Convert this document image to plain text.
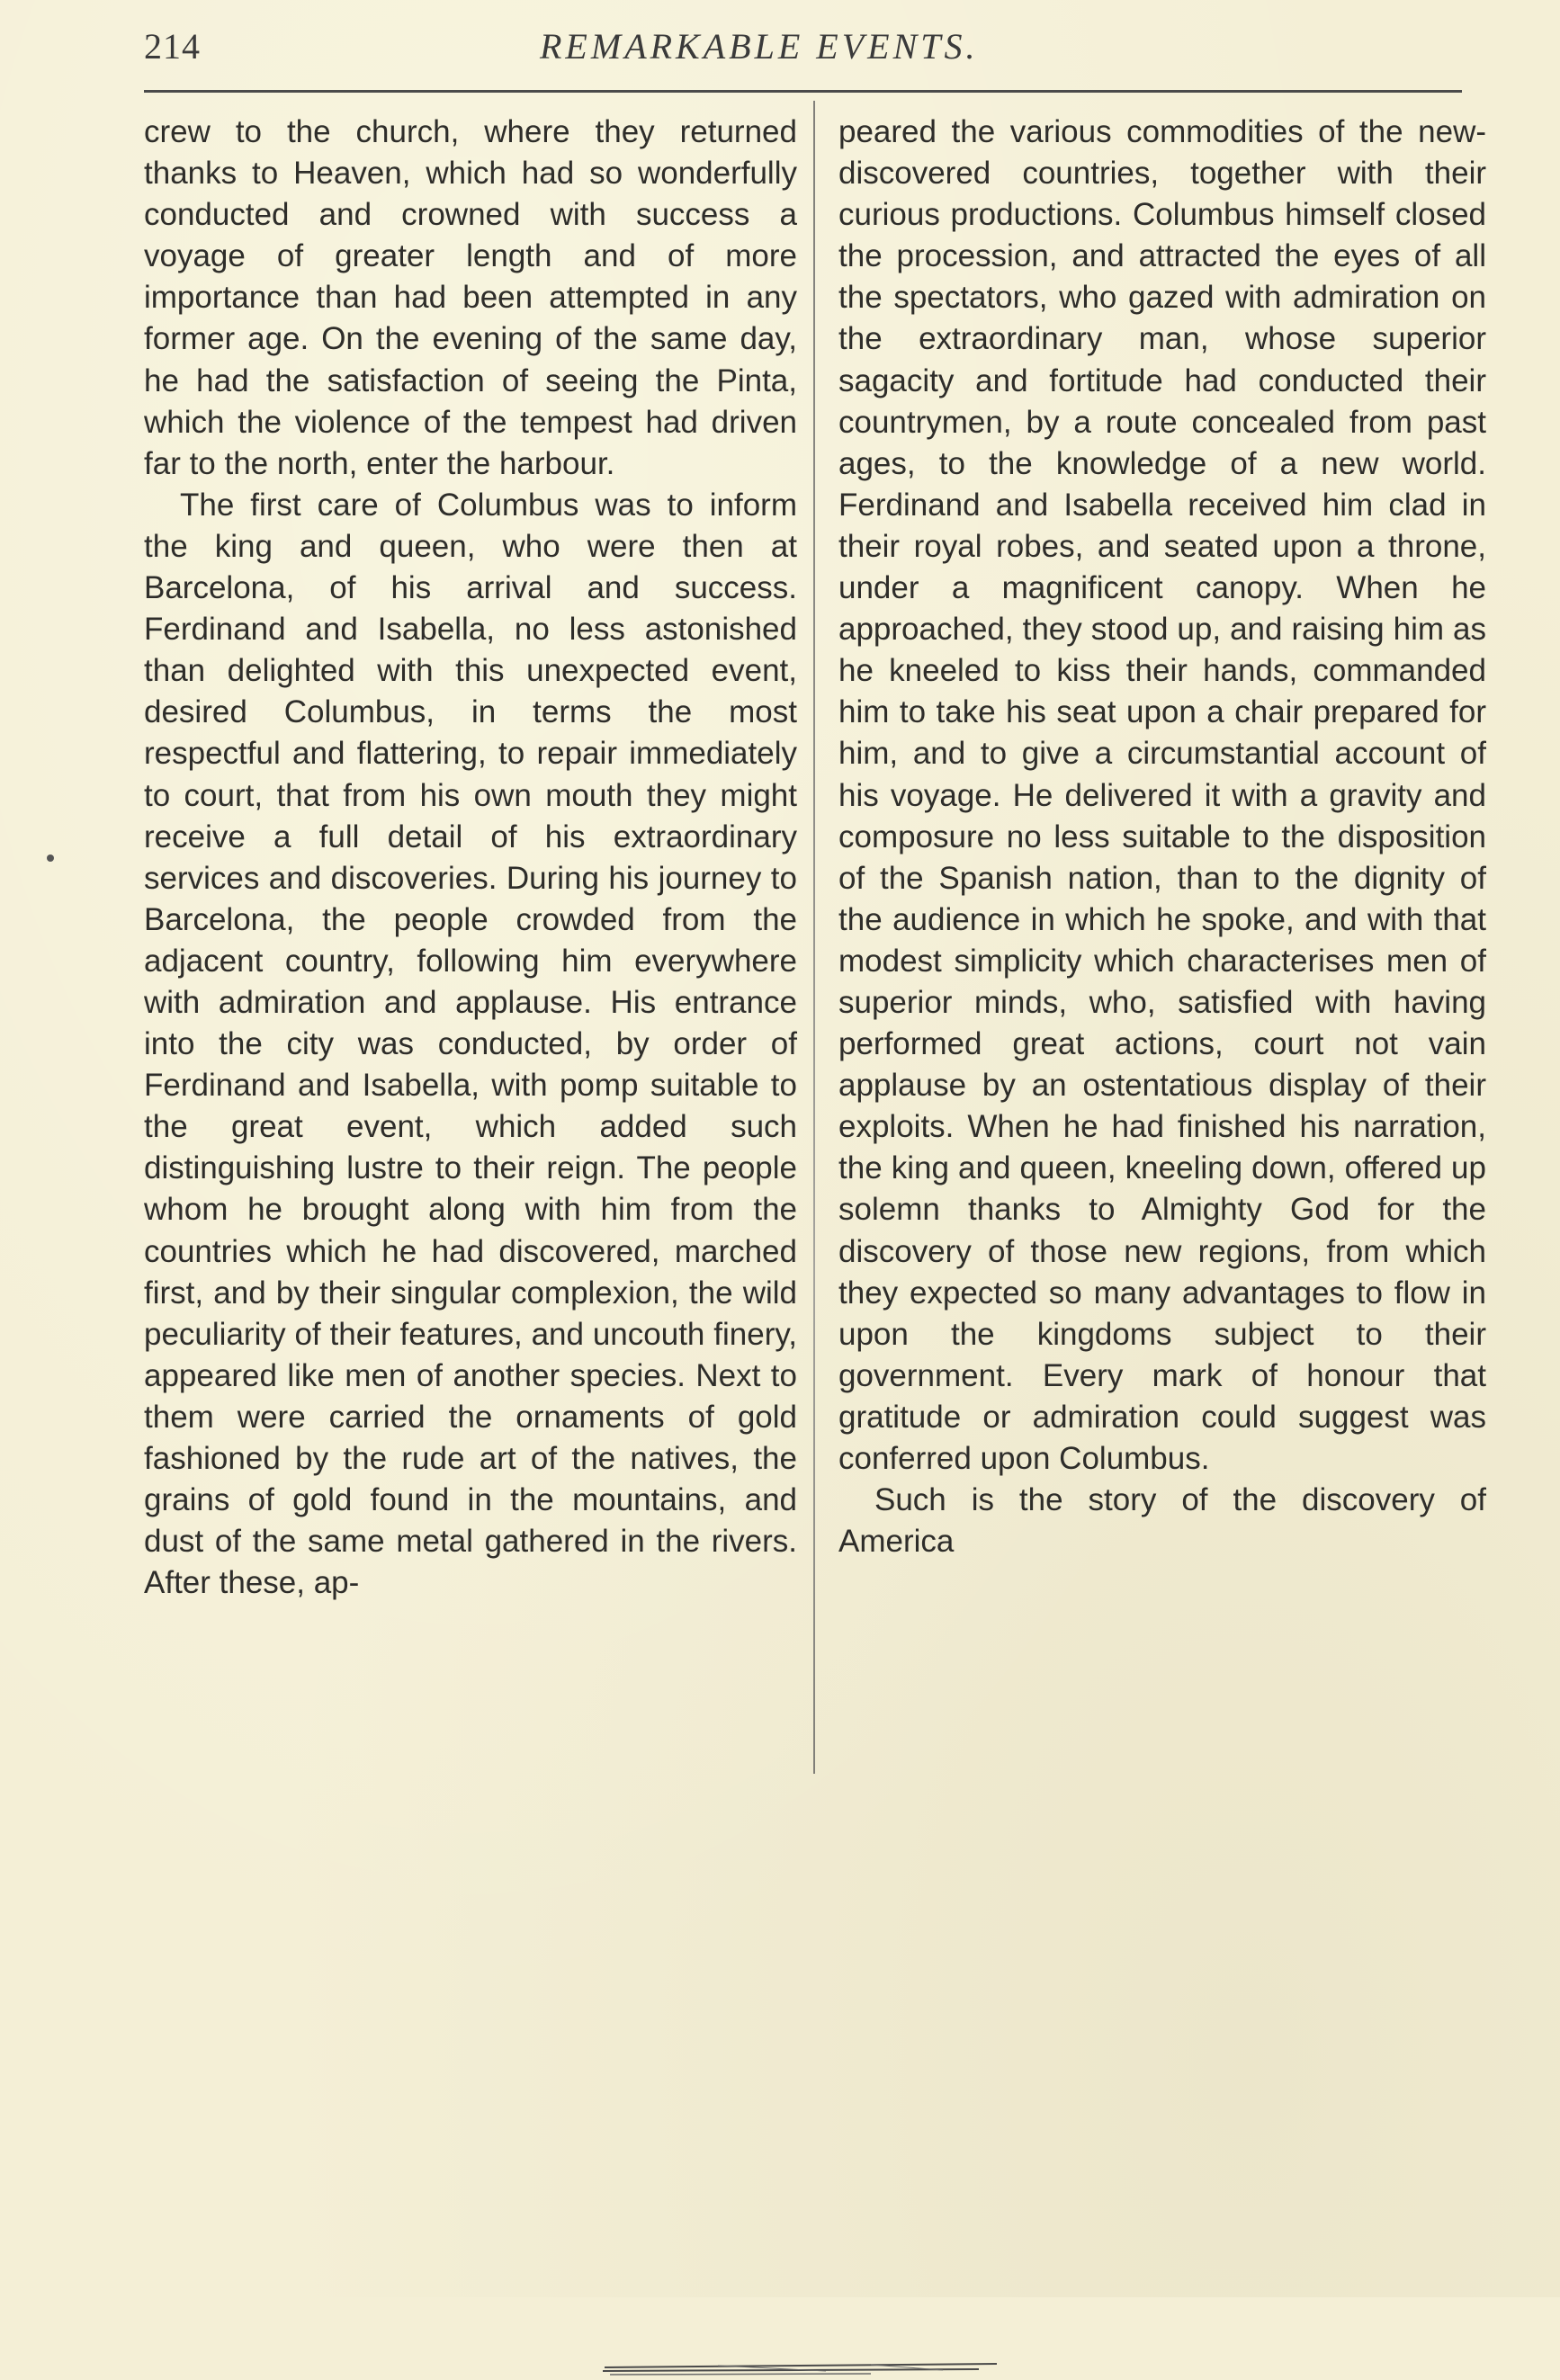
214	REMARKABLE EVENTS.

crew to the church, where they returned thanks to Heaven, which had so wonderfully conducted and crowned with success a voyage of greater length and of more importance than had been attempted in any former age. On the evening of the same day, he had the satisfaction of seeing the Pinta, which the violence of the tempest had driven far to the north, enter the harbour.

The first care of Columbus was to inform the king and queen, who were then at Barcelona, of his arrival and success. Ferdinand and Isabella, no less astonished than delighted with this unexpected event, desired Columbus, in terms the most respectful and flattering, to repair immediately to court, that from his own mouth they might receive a full detail of his extraordinary services and discoveries. During his journey to Barcelona, the people crowded from the adjacent country, following him everywhere with admiration and applause. His entrance into the city was conducted, by order of Ferdinand and Isabella, with pomp suitable to the great event, which added such distinguishing lustre to their reign. The people whom he brought along with him from the countries which he had discovered, marched first, and by their singular complexion, the wild peculiarity of their features, and uncouth finery, appeared like men of another species. Next to them were carried the ornaments of gold fashioned by the rude art of the natives, the grains of gold found in the mountains, and dust of the same metal gathered in the rivers. After these, ap-

peared the various commodities of the new-discovered countries, together with their curious productions. Columbus himself closed the procession, and attracted the eyes of all the spectators, who gazed with admiration on the extraordinary man, whose superior sagacity and fortitude had conducted their countrymen, by a route concealed from past ages, to the knowledge of a new world. Ferdinand and Isabella received him clad in their royal robes, and seated upon a throne, under a magnificent canopy. When he approached, they stood up, and raising him as he kneeled to kiss their hands, commanded him to take his seat upon a chair prepared for him, and to give a circumstantial account of his voyage. He delivered it with a gravity and composure no less suitable to the disposition of the Spanish nation, than to the dignity of the audience in which he spoke, and with that modest simplicity which characterises men of superior minds, who, satisfied with having performed great actions, court not vain applause by an ostentatious display of their exploits. When he had finished his narration, the king and queen, kneeling down, offered up solemn thanks to Almighty God for the discovery of those new regions, from which they expected so many advantages to flow in upon the kingdoms subject to their government. Every mark of honour that gratitude or admiration could suggest was conferred upon Columbus.

Such is the story of the discovery of America
